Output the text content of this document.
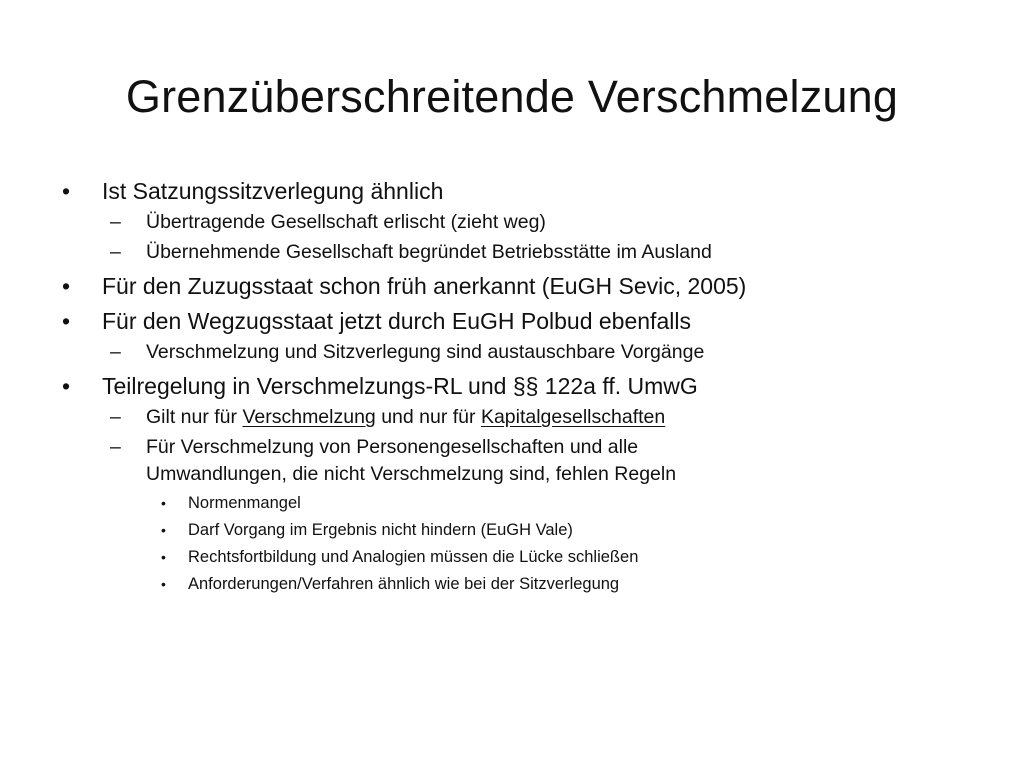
Grenzüberschreitende Verschmelzung
• Ist Satzungssitzverlegung ähnlich
– Übertragende Gesellschaft erlischt (zieht weg)
– Übernehmende Gesellschaft begründet Betriebsstätte im Ausland
• Für den Zuzugsstaat schon früh anerkannt (EuGH Sevic, 2005)
• Für den Wegzugsstaat jetzt durch EuGH Polbud ebenfalls
– Verschmelzung und Sitzverlegung sind austauschbare Vorgänge
• Teilregelung in Verschmelzungs-RL und §§ 122a ff. UmwG
– Gilt nur für Verschmelzung und nur für Kapitalgesellschaften
– Für Verschmelzung von Personengesellschaften und alle
Umwandlungen, die nicht Verschmelzung sind, fehlen Regeln
• Normenmangel
• Darf Vorgang im Ergebnis nicht hindern (EuGH Vale)
• Rechtsfortbildung und Analogien müssen die Lücke schließen
• Anforderungen/Verfahren ähnlich wie bei der Sitzverlegung
